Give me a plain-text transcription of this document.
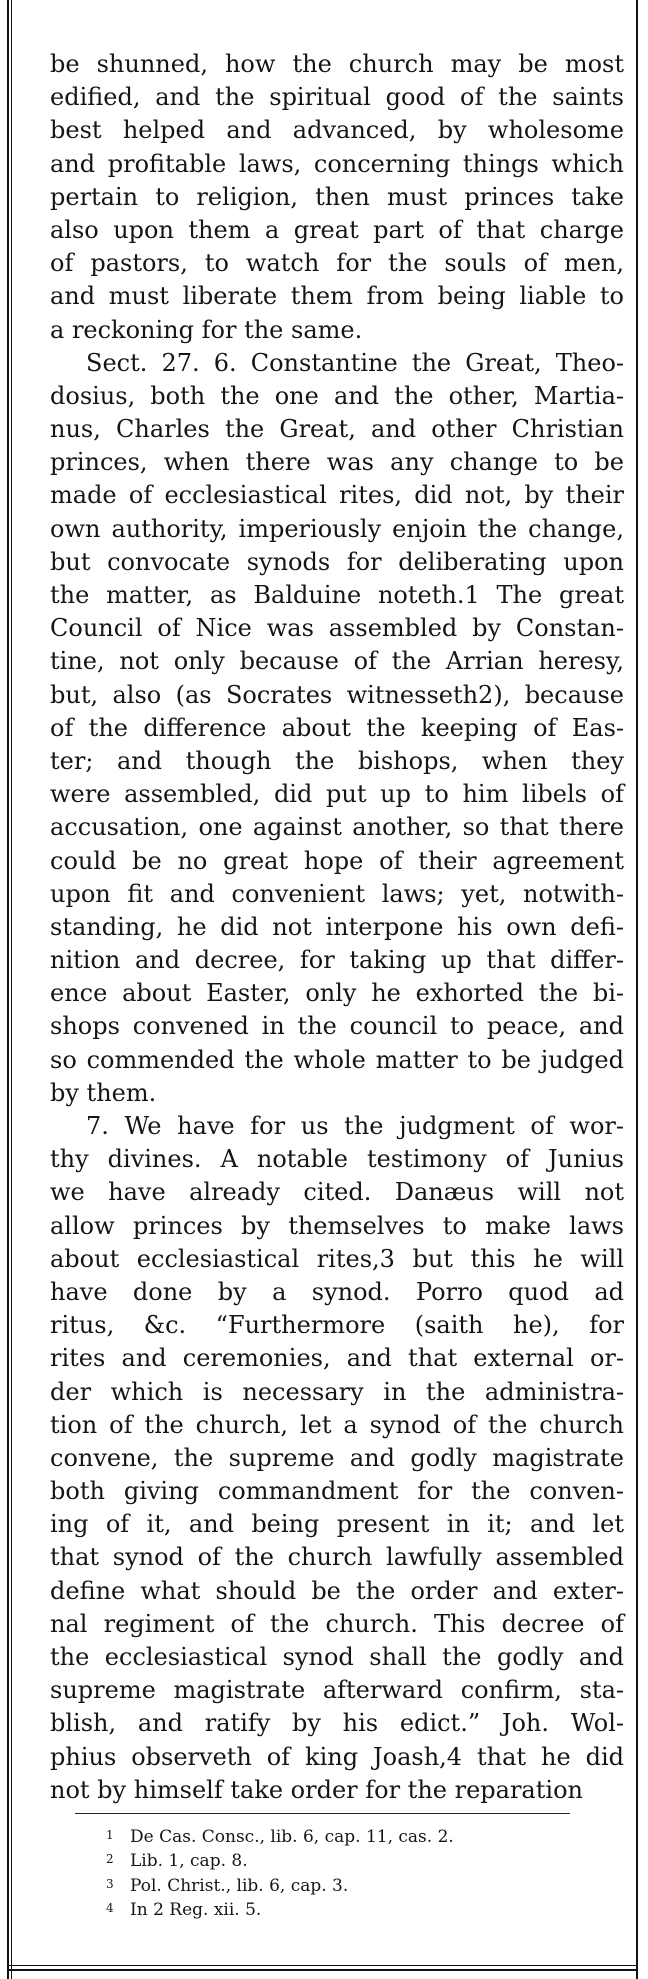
be shunned, how the church may be most
edified, and the spiritual good of the saints
best helped and advanced, by wholesome
and profitable laws, concerning things which
pertain to religion, then must princes take
also upon them a great part of that charge
of pastors, to watch for the souls of men,
and must liberate them from being liable to
a reckoning for the same.
Sect. 27. 6. Constantine the Great, Theo-
dosius, both the one and the other, Martia-
nus, Charles the Great, and other Christian
princes, when there was any change to be
made of ecclesiastical rites, did not, by their
own authority, imperiously enjoin the change,
but convocate synods for deliberating upon
the matter, as Balduine noteth.1 The great
Council of Nice was assembled by Constan-
tine, not only because of the Arrian heresy,
but, also (as Socrates witnesseth2), because
of the difference about the keeping of Eas-
ter; and though the bishops, when they
were assembled, did put up to him libels of
accusation, one against another, so that there
could be no great hope of their agreement
upon fit and convenient laws; yet, notwith-
standing, he did not interpone his own defi-
nition and decree, for taking up that differ-
ence about Easter, only he exhorted the bi-
shops convened in the council to peace, and
so commended the whole matter to be judged
by them.
7. We have for us the judgment of wor-
thy divines. A notable testimony of Junius
we have already cited. Danæus will not
allow princes by themselves to make laws
about ecclesiastical rites,3 but this he will
have done by a synod. Porro quod ad
ritus, &c. “Furthermore (saith he), for
rites and ceremonies, and that external or-
der which is necessary in the administra-
tion of the church, let a synod of the church
convene, the supreme and godly magistrate
both giving commandment for the conven-
ing of it, and being present in it; and let
that synod of the church lawfully assembled
define what should be the order and exter-
nal regiment of the church. This decree of
the ecclesiastical synod shall the godly and
supreme magistrate afterward confirm, sta-
blish, and ratify by his edict.” Joh. Wol-
phius observeth of king Joash,4 that he did
not by himself take order for the reparation
1 De Cas. Consc., lib. 6, cap. 11, cas. 2.
2 Lib. 1, cap. 8.
3 Pol. Christ., lib. 6, cap. 3.
4 In 2 Reg. xii. 5.
